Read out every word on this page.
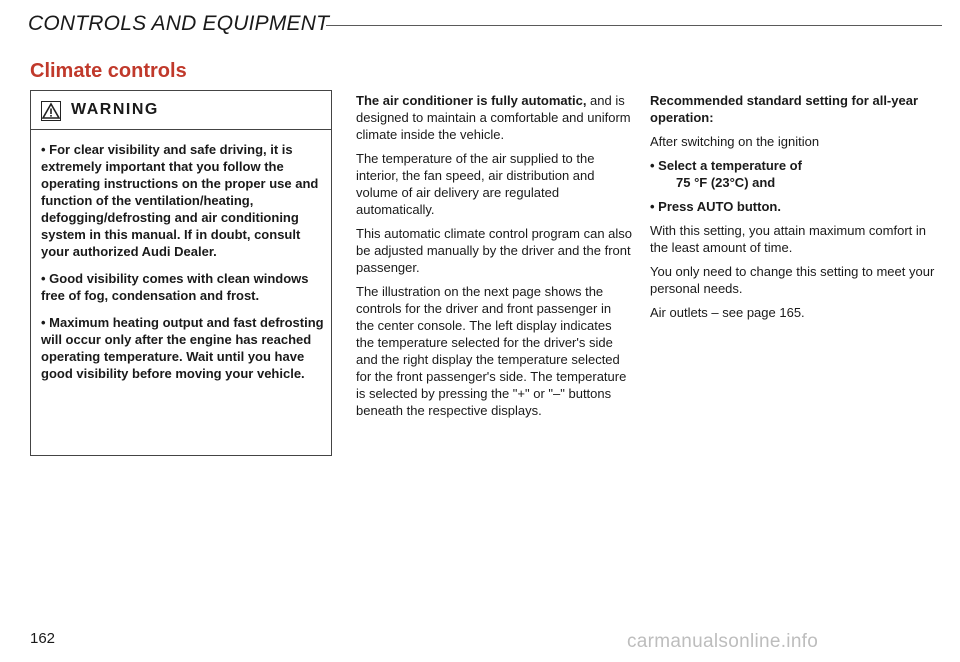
CONTROLS AND EQUIPMENT
Climate controls
WARNING

• For clear visibility and safe driving, it is extremely important that you follow the operating instructions on the proper use and function of the ventilation/heating, defogging/defrosting and air conditioning system in this manual. If in doubt, consult your authorized Audi Dealer.

• Good visibility comes with clean windows free of fog, condensation and frost.

• Maximum heating output and fast defrosting will occur only after the engine has reached operating temperature. Wait until you have good visibility before moving your vehicle.

The air conditioner is fully automatic, and is designed to maintain a comfortable and uniform climate inside the vehicle.

The temperature of the air supplied to the interior, the fan speed, air distribution and volume of air delivery are regulated automatically.

This automatic climate control program can also be adjusted manually by the driver and the front passenger.

The illustration on the next page shows the controls for the driver and front passenger in the center console. The left display indicates the temperature selected for the driver's side and the right display the temperature selected for the front passenger's side. The temperature is selected by pressing the "+" or "–" buttons beneath the respective displays.

Recommended standard setting for all-year operation:

After switching on the ignition

• Select a temperature of

75 °F (23°C) and

• Press AUTO button.

With this setting, you attain maximum comfort in the least amount of time.

You only need to change this setting to meet your personal needs.

Air outlets – see page 165.

162	carmanualsonline.info
